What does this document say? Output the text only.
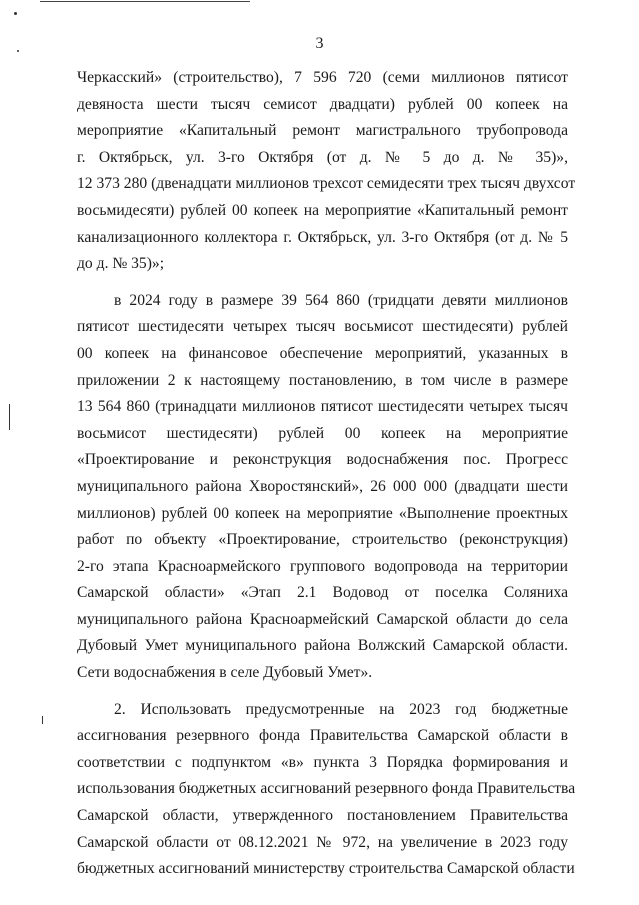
3
Черкасский» (строительство), 7 596 720 (семи миллионов пятисот
девяноста шести тысяч семисот двадцати) рублей 00 копеек на
мероприятие «Капитальный ремонт магистрального трубопровода
г. Октябрьск, ул. 3-го Октября (от д. № 5 до д. № 35)»,
12 373 280 (двенадцати миллионов трехсот семидесяти трех тысяч двухсот
восьмидесяти) рублей 00 копеек на мероприятие «Капитальный ремонт
канализационного коллектора г. Октябрьск, ул. 3-го Октября (от д. № 5
до д. № 35)»;
в 2024 году в размере 39 564 860 (тридцати девяти миллионов
пятисот шестидесяти четырех тысяч восьмисот шестидесяти) рублей
00 копеек на финансовое обеспечение мероприятий, указанных в
приложении 2 к настоящему постановлению, в том числе в размере
13 564 860 (тринадцати миллионов пятисот шестидесяти четырех тысяч
восьмисот шестидесяти) рублей 00 копеек на мероприятие
«Проектирование и реконструкция водоснабжения пос. Прогресс
муниципального района Хворостянский», 26 000 000 (двадцати шести
миллионов) рублей 00 копеек на мероприятие «Выполнение проектных
работ по объекту «Проектирование, строительство (реконструкция)
2-го этапа Красноармейского группового водопровода на территории
Самарской области» «Этап 2.1 Водовод от поселка Соляниха
муниципального района Красноармейский Самарской области до села
Дубовый Умет муниципального района Волжский Самарской области.
Сети водоснабжения в селе Дубовый Умет».
2. Использовать предусмотренные на 2023 год бюджетные
ассигнования резервного фонда Правительства Самарской области в
соответствии с подпунктом «в» пункта 3 Порядка формирования и
использования бюджетных ассигнований резервного фонда Правительства
Самарской области, утвержденного постановлением Правительства
Самарской области от 08.12.2021 № 972, на увеличение в 2023 году
бюджетных ассигнований министерству строительства Самарской области
